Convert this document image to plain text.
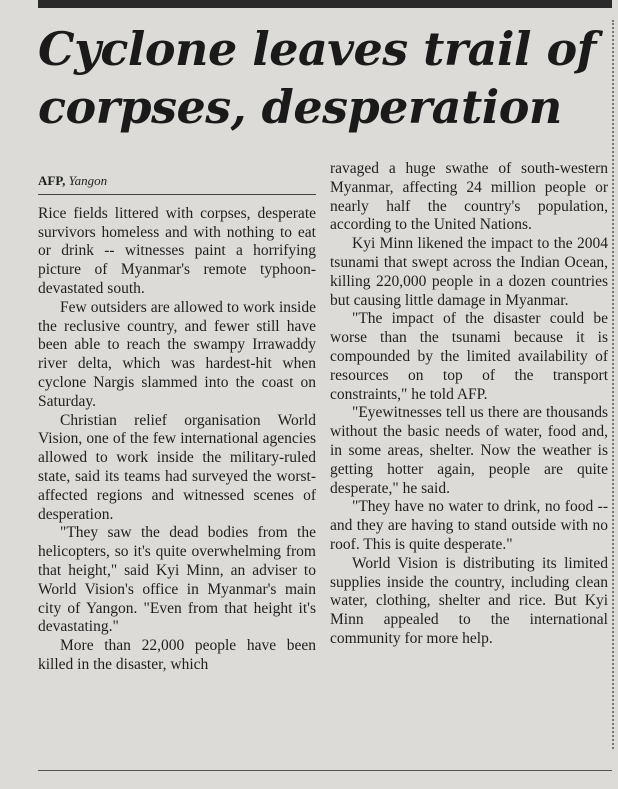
Cyclone leaves trail of corpses, desperation
AFP, Yangon

Rice fields littered with corpses, desperate survivors homeless and with nothing to eat or drink -- witnesses paint a horrifying picture of Myanmar's remote typhoon-devastated south.

Few outsiders are allowed to work inside the reclusive country, and fewer still have been able to reach the swampy Irrawaddy river delta, which was hardest-hit when cyclone Nargis slammed into the coast on Saturday.

Christian relief organisation World Vision, one of the few international agencies allowed to work inside the military-ruled state, said its teams had surveyed the worst-affected regions and witnessed scenes of desperation.

"They saw the dead bodies from the helicopters, so it's quite overwhelming from that height," said Kyi Minn, an adviser to World Vision's office in Myanmar's main city of Yangon. "Even from that height it's devastating."

More than 22,000 people have been killed in the disaster, which

ravaged a huge swathe of south-western Myanmar, affecting 24 million people or nearly half the country's population, according to the United Nations.

Kyi Minn likened the impact to the 2004 tsunami that swept across the Indian Ocean, killing 220,000 people in a dozen countries but causing little damage in Myanmar.

"The impact of the disaster could be worse than the tsunami because it is compounded by the limited availability of resources on top of the transport constraints," he told AFP.

"Eyewitnesses tell us there are thousands without the basic needs of water, food and, in some areas, shelter. Now the weather is getting hotter again, people are quite desperate," he said.

"They have no water to drink, no food -- and they are having to stand outside with no roof. This is quite desperate."

World Vision is distributing its limited supplies inside the country, including clean water, clothing, shelter and rice. But Kyi Minn appealed to the international community for more help.
